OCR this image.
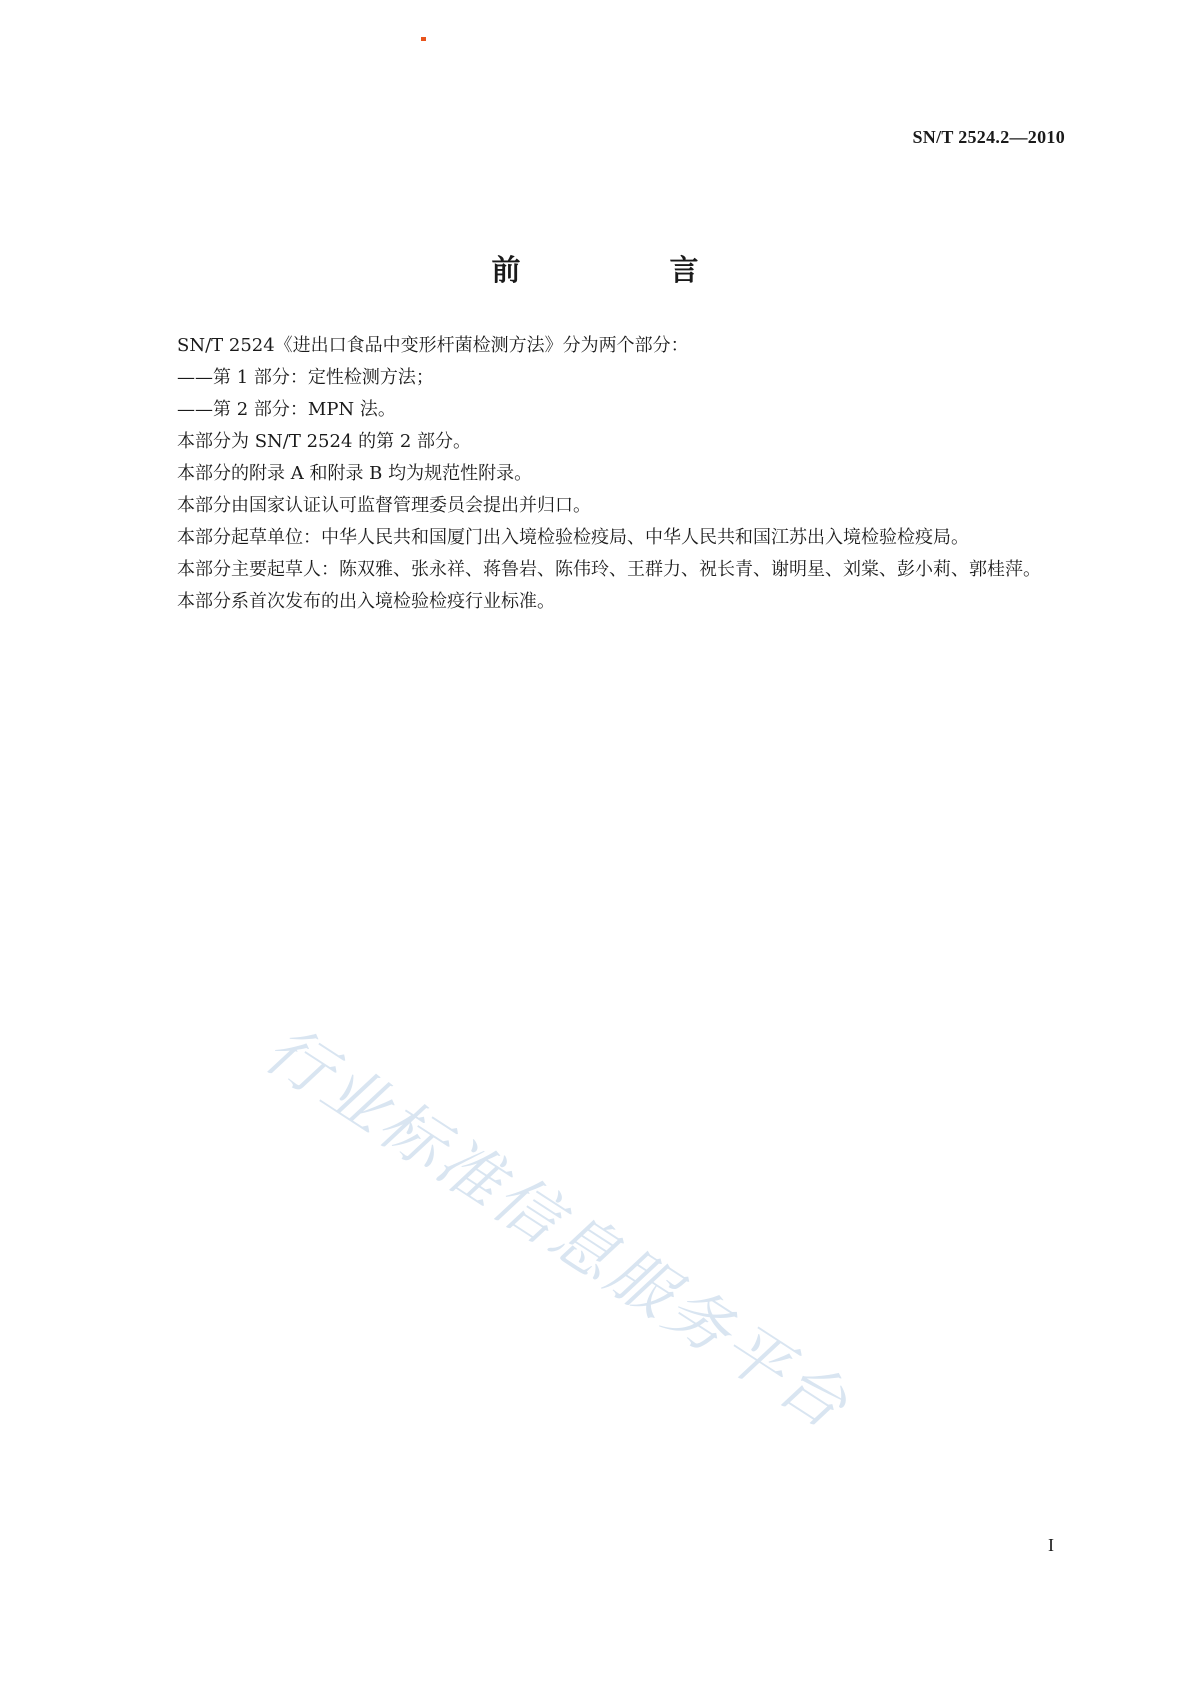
SN/T 2524.2—2010
前　言

SN/T 2524《进出口食品中变形杆菌检测方法》分为两个部分：

——第 1 部分：定性检测方法；

——第 2 部分：MPN 法。

本部分为 SN/T 2524 的第 2 部分。

本部分的附录 A 和附录 B 均为规范性附录。

本部分由国家认证认可监督管理委员会提出并归口。

本部分起草单位：中华人民共和国厦门出入境检验检疫局、中华人民共和国江苏出入境检验检疫局。

本部分主要起草人：陈双雅、张永祥、蒋鲁岩、陈伟玲、王群力、祝长青、谢明星、刘棠、彭小莉、郭桂萍。

本部分系首次发布的出入境检验检疫行业标准。

行业标准信息服务平台
I
